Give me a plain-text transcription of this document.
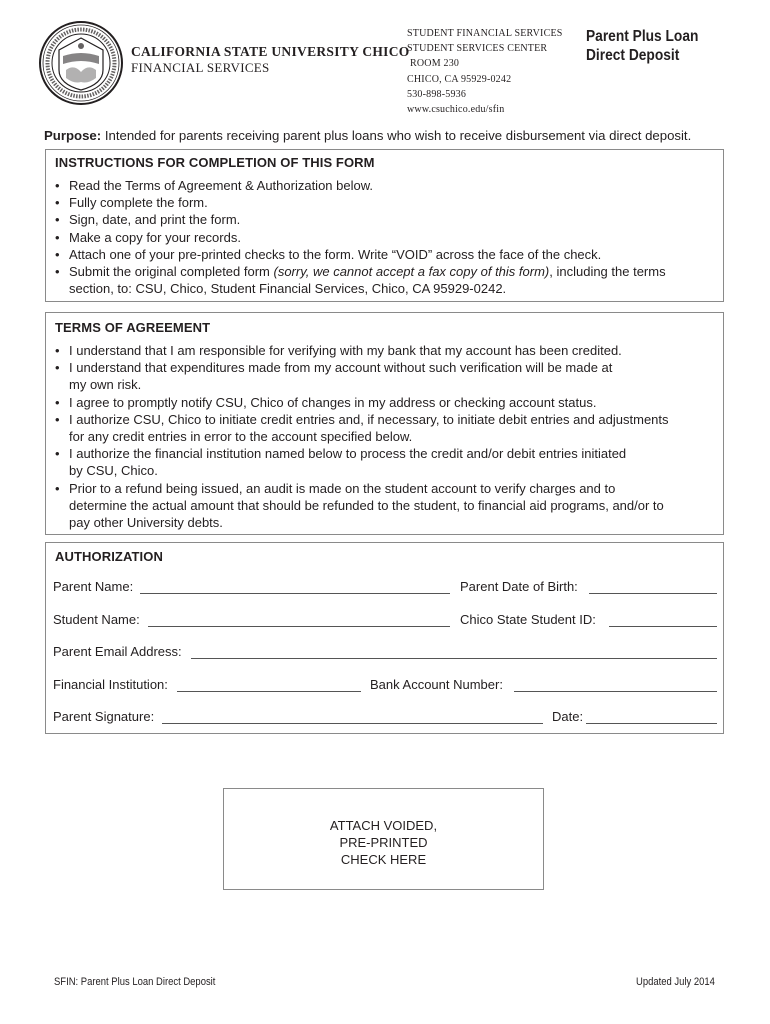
CALIFORNIA STATE UNIVERSITY CHICO
FINANCIAL SERVICES
STUDENT FINANCIAL SERVICES
STUDENT SERVICES CENTER
ROOM 230
CHICO, CA 95929-0242
530-898-5936
www.csuchico.edu/sfin
Parent Plus Loan
Direct Deposit
Purpose: Intended for parents receiving parent plus loans who wish to receive disbursement via direct deposit.
INSTRUCTIONS FOR COMPLETION OF THIS FORM
• Read the Terms of Agreement & Authorization below.
• Fully complete the form.
• Sign, date, and print the form.
• Make a copy for your records.
• Attach one of your pre-printed checks to the form. Write “VOID” across the face of the check.
• Submit the original completed form (sorry, we cannot accept a fax copy of this form), including the terms
section, to: CSU, Chico, Student Financial Services, Chico, CA 95929-0242.
TERMS OF AGREEMENT
• I understand that I am responsible for verifying with my bank that my account has been credited.
• I understand that expenditures made from my account without such verification will be made at
my own risk.
• I agree to promptly notify CSU, Chico of changes in my address or checking account status.
• I authorize CSU, Chico to initiate credit entries and, if necessary, to initiate debit entries and adjustments
for any credit entries in error to the account specified below.
• I authorize the financial institution named below to process the credit and/or debit entries initiated
by CSU, Chico.
• Prior to a refund being issued, an audit is made on the student account to verify charges and to
determine the actual amount that should be refunded to the student, to financial aid programs, and/or to
pay other University debts.
AUTHORIZATION
Parent Name:	Parent Date of Birth:
Student Name:	Chico State Student ID:
Parent Email Address:
Financial Institution:	Bank Account Number:
Parent Signature:	Date:
ATTACH VOIDED,
PRE-PRINTED
CHECK HERE
SFIN: Parent Plus Loan Direct Deposit	Updated July 2014
